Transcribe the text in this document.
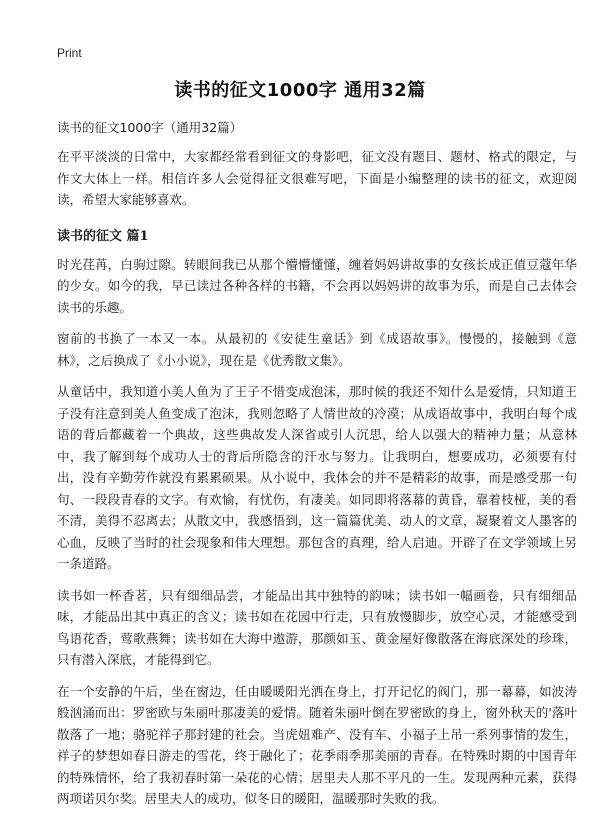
Print
读书的征文1000字 通用32篇

读书的征文1000字（通用32篇）

在平平淡淡的日常中，大家都经常看到征文的身影吧，征文没有题目、题材、格式的限定，与作文大体上一样。相信许多人会觉得征文很难写吧，下面是小编整理的读书的征文，欢迎阅读，希望大家能够喜欢。

读书的征文 篇1

时光荏苒，白驹过隙。转眼间我已从那个懵懵懂懂，缠着妈妈讲故事的女孩长成正值豆蔻年华的少女。如今的我，早已读过各种各样的书籍，不会再以妈妈讲的故事为乐，而是自己去体会读书的乐趣。

窗前的书换了一本又一本。从最初的《安徒生童话》到《成语故事》。慢慢的，接触到《意林》，之后换成了《小小说》，现在是《优秀散文集》。

从童话中，我知道小美人鱼为了王子不惜变成泡沫，那时候的我还不知什么是爱情，只知道王子没有注意到美人鱼变成了泡沫，我则忽略了人情世故的冷漠；从成语故事中，我明白每个成语的背后都藏着一个典故，这些典故发人深省或引人沉思，给人以强大的精神力量；从意林中，我了解到每个成功人士的背后所隐含的汗水与努力。让我明白，想要成功，必须要有付出，没有辛勤劳作就没有累累硕果。从小说中，我体会的并不是精彩的故事，而是感受那一句句、一段段青春的文字。有欢愉，有忧伤，有凄美。如同即将落幕的黄昏，靠着枝桠，美的看不清，美得不忍离去；从散文中，我感悟到，这一篇篇优美、动人的文章，凝聚着文人墨客的心血，反映了当时的社会现象和伟大理想。那包含的真理，给人启迪。开辟了在文学领域上另一条道路。

读书如一杯香茗，只有细细品尝，才能品出其中独特的韵味；读书如一幅画卷，只有细细品味，才能品出其中真正的含义；读书如在花园中行走，只有放慢脚步，放空心灵，才能感受到鸟语花香，莺歌燕舞；读书如在大海中遨游，那颜如玉、黄金屋好像散落在海底深处的珍珠，只有潜入深底，才能得到它。

在一个安静的午后，坐在窗边，任由暖暖阳光洒在身上，打开记忆的阀门，那一幕幕，如波涛般汹涌而出：罗密欧与朱丽叶那凄美的爱情。随着朱丽叶倒在罗密欧的身上，窗外秋天的'落叶散落了一地；骆驼祥子那封建的社会。当虎妞难产、没有车、小福子上吊一系列事情的发生，祥子的梦想如春日游走的雪花，终于融化了；花季雨季那美丽的青春。在特殊时期的中国青年的特殊情怀，给了我初春时第一朵花的心情；居里夫人那不平凡的一生。发现两种元素，获得两项诺贝尔奖。居里夫人的成功，似冬日的暖阳，温暖那时失败的我。
